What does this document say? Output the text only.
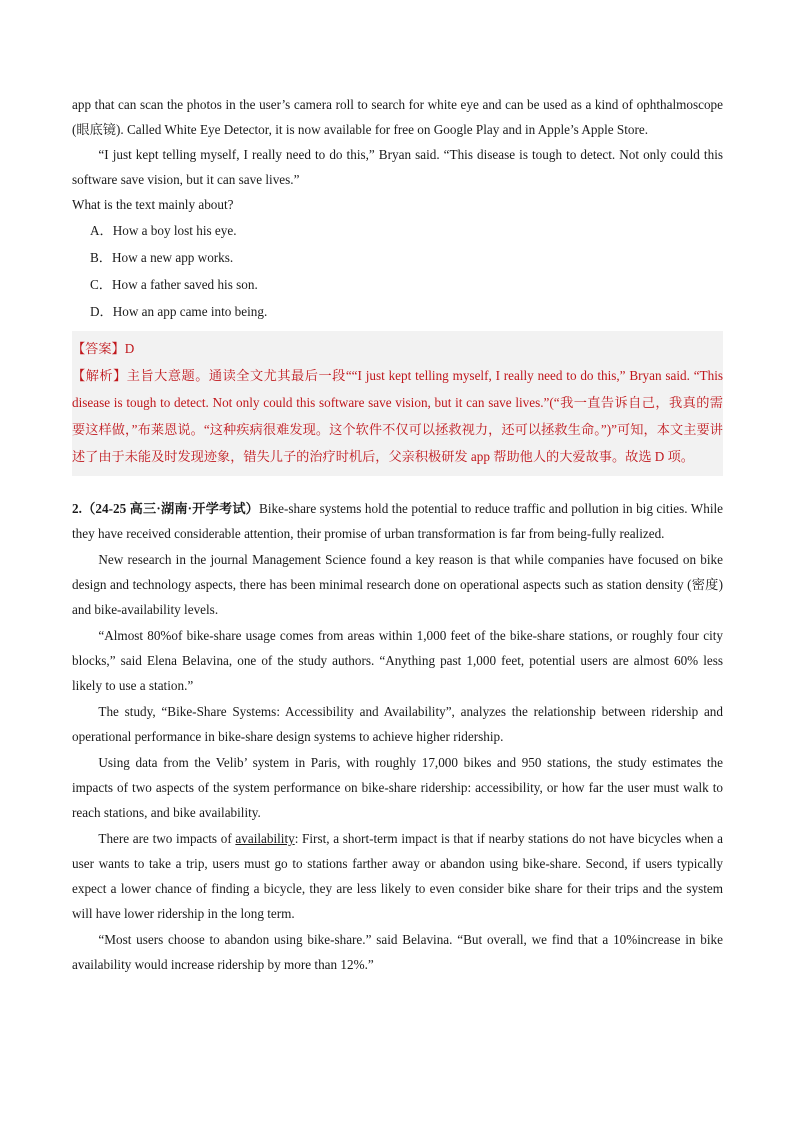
app that can scan the photos in the user’s camera roll to search for white eye and can be used as a kind of ophthalmoscope (眼底镜). Called White Eye Detector, it is now available for free on Google Play and in Apple’s Apple Store.

“I just kept telling myself, I really need to do this,” Bryan said. “This disease is tough to detect. Not only could this software save vision, but it can save lives.”

What is the text mainly about?

A．How a boy lost his eye.

B．How a new app works.

C．How a father saved his son.

D．How an app came into being.

【答案】D

【解析】主旨大意题。通读全文尤其最后一段““I just kept telling myself, I really need to do this,” Bryan said. “This disease is tough to detect. Not only could this software save vision, but it can save lives.”(“我一直告诉自己，我真的需要这样做，”布莱恩说。“这种疾病很难发现。这个软件不仅可以拯救视力，还可以拯救生命。”)”可知，本文主要讲述了由于未能及时发现迹象，错失儿子的治疗时机后，父亲积极研发 app 帮助他人的大爱故事。故选 D 项。

2.（24-25 高三·湖南·开学考试）Bike-share systems hold the potential to reduce traffic and pollution in big cities. While they have received considerable attention, their promise of urban transformation is far from being-fully realized.

New research in the journal Management Science found a key reason is that while companies have focused on bike design and technology aspects, there has been minimal research done on operational aspects such as station density (密度) and bike-availability levels.

“Almost 80%of bike-share usage comes from areas within 1,000 feet of the bike-share stations, or roughly four city blocks,” said Elena Belavina, one of the study authors. “Anything past 1,000 feet, potential users are almost 60% less likely to use a station.”

The study, “Bike-Share Systems: Accessibility and Availability”, analyzes the relationship between ridership and operational performance in bike-share design systems to achieve higher ridership.

Using data from the Velib’ system in Paris, with roughly 17,000 bikes and 950 stations, the study estimates the impacts of two aspects of the system performance on bike-share ridership: accessibility, or how far the user must walk to reach stations, and bike availability.

There are two impacts of availability: First, a short-term impact is that if nearby stations do not have bicycles when a user wants to take a trip, users must go to stations farther away or abandon using bike-share. Second, if users typically expect a lower chance of finding a bicycle, they are less likely to even consider bike share for their trips and the system will have lower ridership in the long term.

“Most users choose to abandon using bike-share.” said Belavina. “But overall, we find that a 10%increase in bike availability would increase ridership by more than 12%.”
